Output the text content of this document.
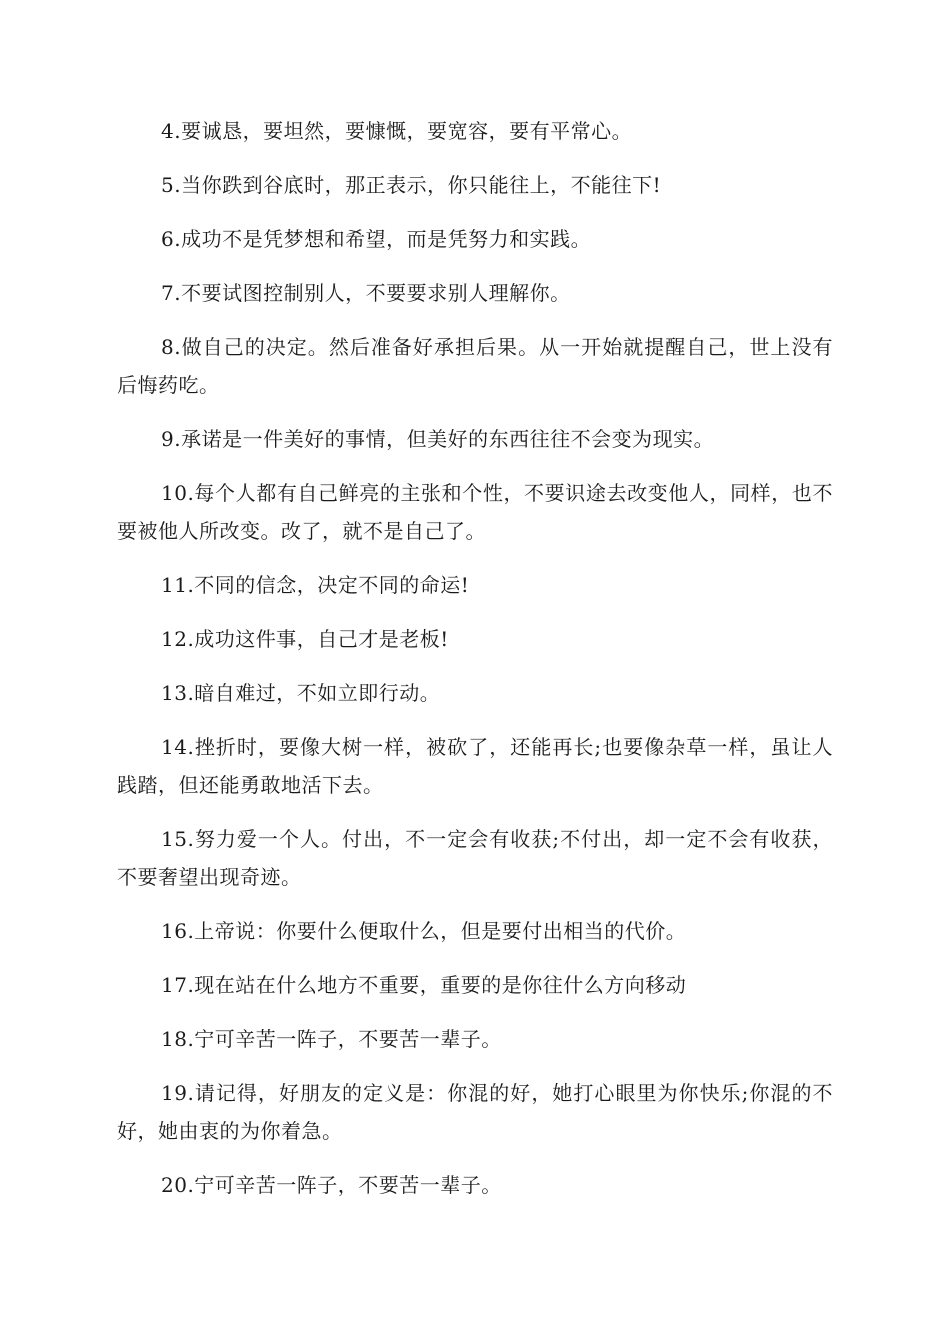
4.要诚恳，要坦然，要慷慨，要宽容，要有平常心。

5.当你跌到谷底时，那正表示，你只能往上，不能往下!

6.成功不是凭梦想和希望，而是凭努力和实践。

7.不要试图控制别人，不要要求别人理解你。

8.做自己的决定。然后准备好承担后果。从一开始就提醒自己，世上没有后悔药吃。

9.承诺是一件美好的事情，但美好的东西往往不会变为现实。

10.每个人都有自己鲜亮的主张和个性，不要识途去改变他人，同样，也不要被他人所改变。改了，就不是自己了。

11.不同的信念，决定不同的命运!

12.成功这件事，自己才是老板!

13.暗自难过，不如立即行动。

14.挫折时，要像大树一样，被砍了，还能再长;也要像杂草一样，虽让人践踏，但还能勇敢地活下去。

15.努力爱一个人。付出，不一定会有收获;不付出，却一定不会有收获，不要奢望出现奇迹。

16.上帝说：你要什么便取什么，但是要付出相当的代价。

17.现在站在什么地方不重要，重要的是你往什么方向移动

18.宁可辛苦一阵子，不要苦一辈子。

19.请记得，好朋友的定义是：你混的好，她打心眼里为你快乐;你混的不好，她由衷的为你着急。

20.宁可辛苦一阵子，不要苦一辈子。
